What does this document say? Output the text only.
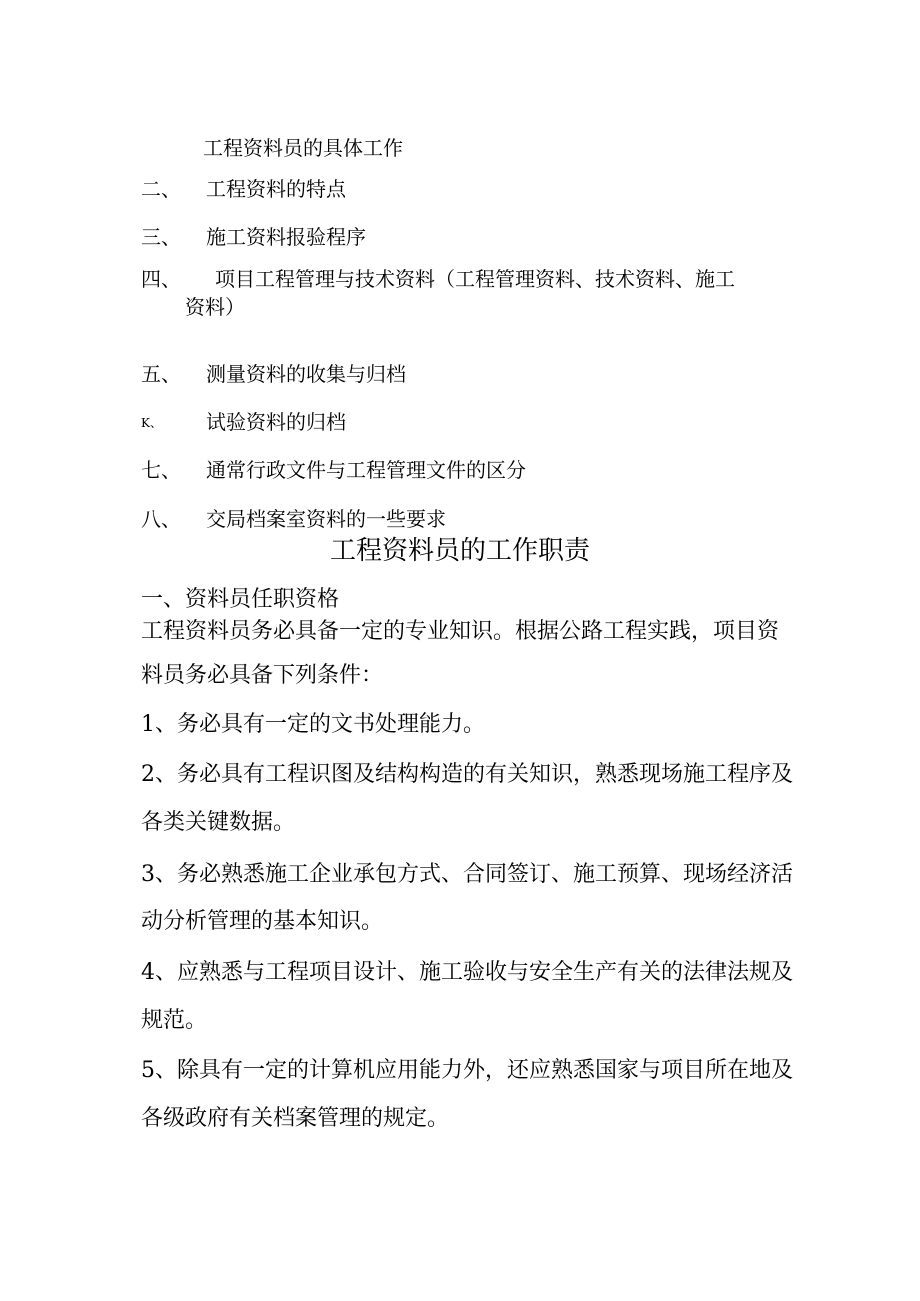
工程资料员的具体工作
二、 工程资料的特点
三、 施工资料报验程序
四、 项目工程管理与技术资料（工程管理资料、技术资料、施工
资料）
五、 测量资料的收集与归档
K、 试验资料的归档
七、 通常行政文件与工程管理文件的区分
八、 交局档案室资料的一些要求
工程资料员的工作职责
一、资料员任职资格
工程资料员务必具备一定的专业知识。根据公路工程实践，项目资
料员务必具备下列条件：
1、务必具有一定的文书处理能力。
2、务必具有工程识图及结构构造的有关知识，熟悉现场施工程序及
各类关键数据。
3、务必熟悉施工企业承包方式、合同签订、施工预算、现场经济活
动分析管理的基本知识。
4、应熟悉与工程项目设计、施工验收与安全生产有关的法律法规及
规范。
5、除具有一定的计算机应用能力外，还应熟悉国家与项目所在地及
各级政府有关档案管理的规定。
